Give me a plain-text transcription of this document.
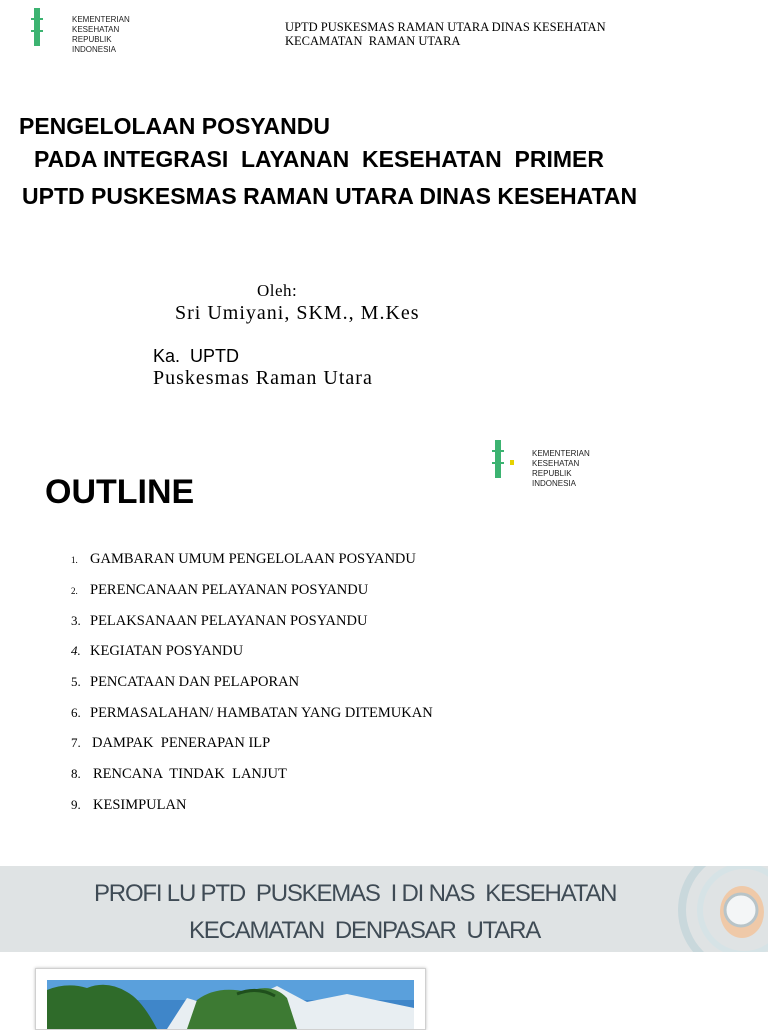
KEMENTERIAN
KESEHATAN
REPUBLIK
INDONESIA
UPTD PUSKESMAS RAMAN UTARA DINAS KESEHATAN
KECAMATAN  RAMAN UTARA
PENGELOLAAN POSYANDU
PADA INTEGRASI  LAYANAN  KESEHATAN  PRIMER
UPTD PUSKESMAS RAMAN UTARA DINAS KESEHATAN
Oleh:
Sri Umiyani, SKM., M.Kes

Ka.  UPTD
Puskesmas Raman Utara

KEMENTERIAN
KESEHATAN
REPUBLIK
INDONESIA
OUTLINE
1. GAMBARAN UMUM PENGELOLAAN POSYANDU
2. PERENCANAAN PELAYANAN POSYANDU
3. PELAKSANAAN PELAYANAN POSYANDU
4. KEGIATAN POSYANDU
5. PENCATAAN DAN PELAPORAN
6. PERMASALAHAN/ HAMBATAN YANG DITEMUKAN
7. DAMPAK  PENERAPAN ILP
8. RENCANA  TINDAK  LANJUT
9. KESIMPULAN
PROFI LU PTD  PUSKEMAS  I DI NAS  KESEHATAN
KECAMATAN  DENPASAR  UTARA
